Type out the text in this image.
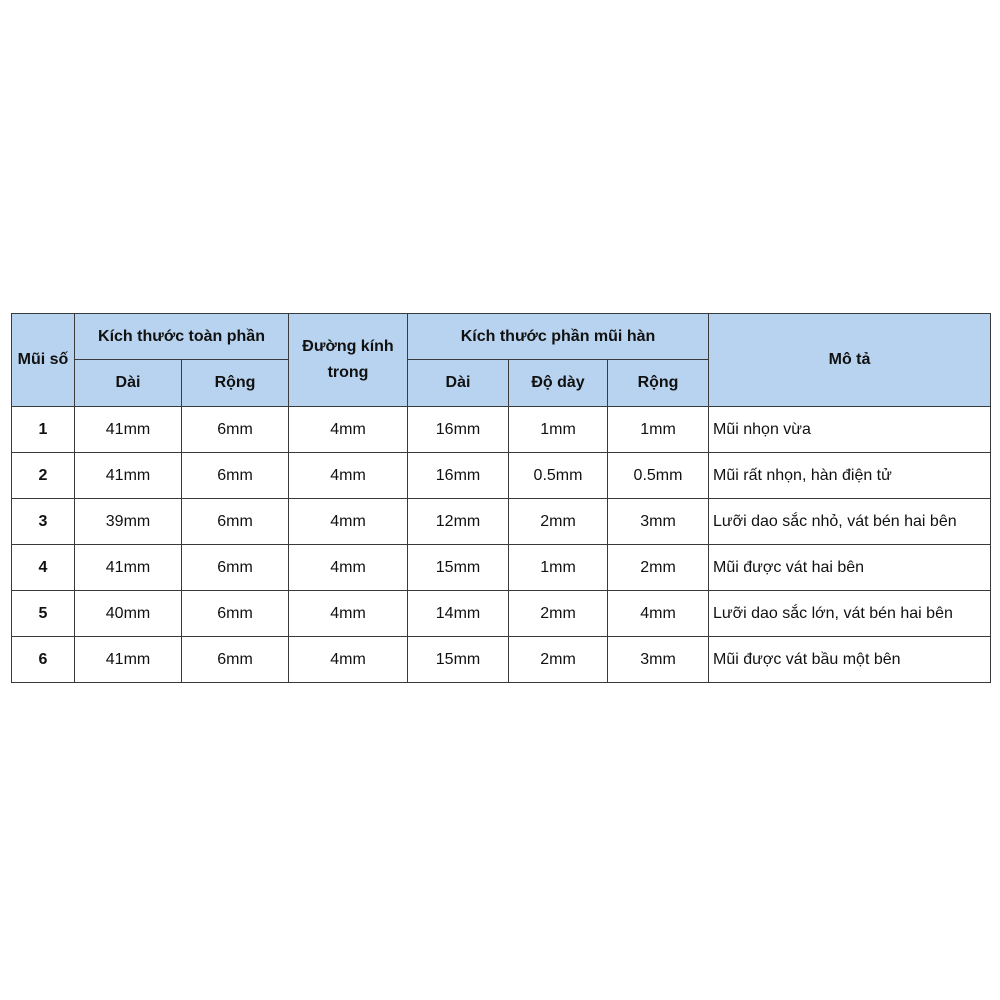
Mũi số	Kích thước toàn phần		Đường kính trong	Kích thước phần mũi hàn			Mô tả
	Dài	Rộng		Dài	Độ dày	Rộng	
1	41mm	6mm	4mm	16mm	1mm	1mm	Mũi nhọn vừa
2	41mm	6mm	4mm	16mm	0.5mm	0.5mm	Mũi rất nhọn, hàn điện tử
3	39mm	6mm	4mm	12mm	2mm	3mm	Lưỡi dao sắc nhỏ, vát bén hai bên
4	41mm	6mm	4mm	15mm	1mm	2mm	Mũi được vát hai bên
5	40mm	6mm	4mm	14mm	2mm	4mm	Lưỡi dao sắc lớn, vát bén hai bên
6	41mm	6mm	4mm	15mm	2mm	3mm	Mũi được vát bầu một bên
